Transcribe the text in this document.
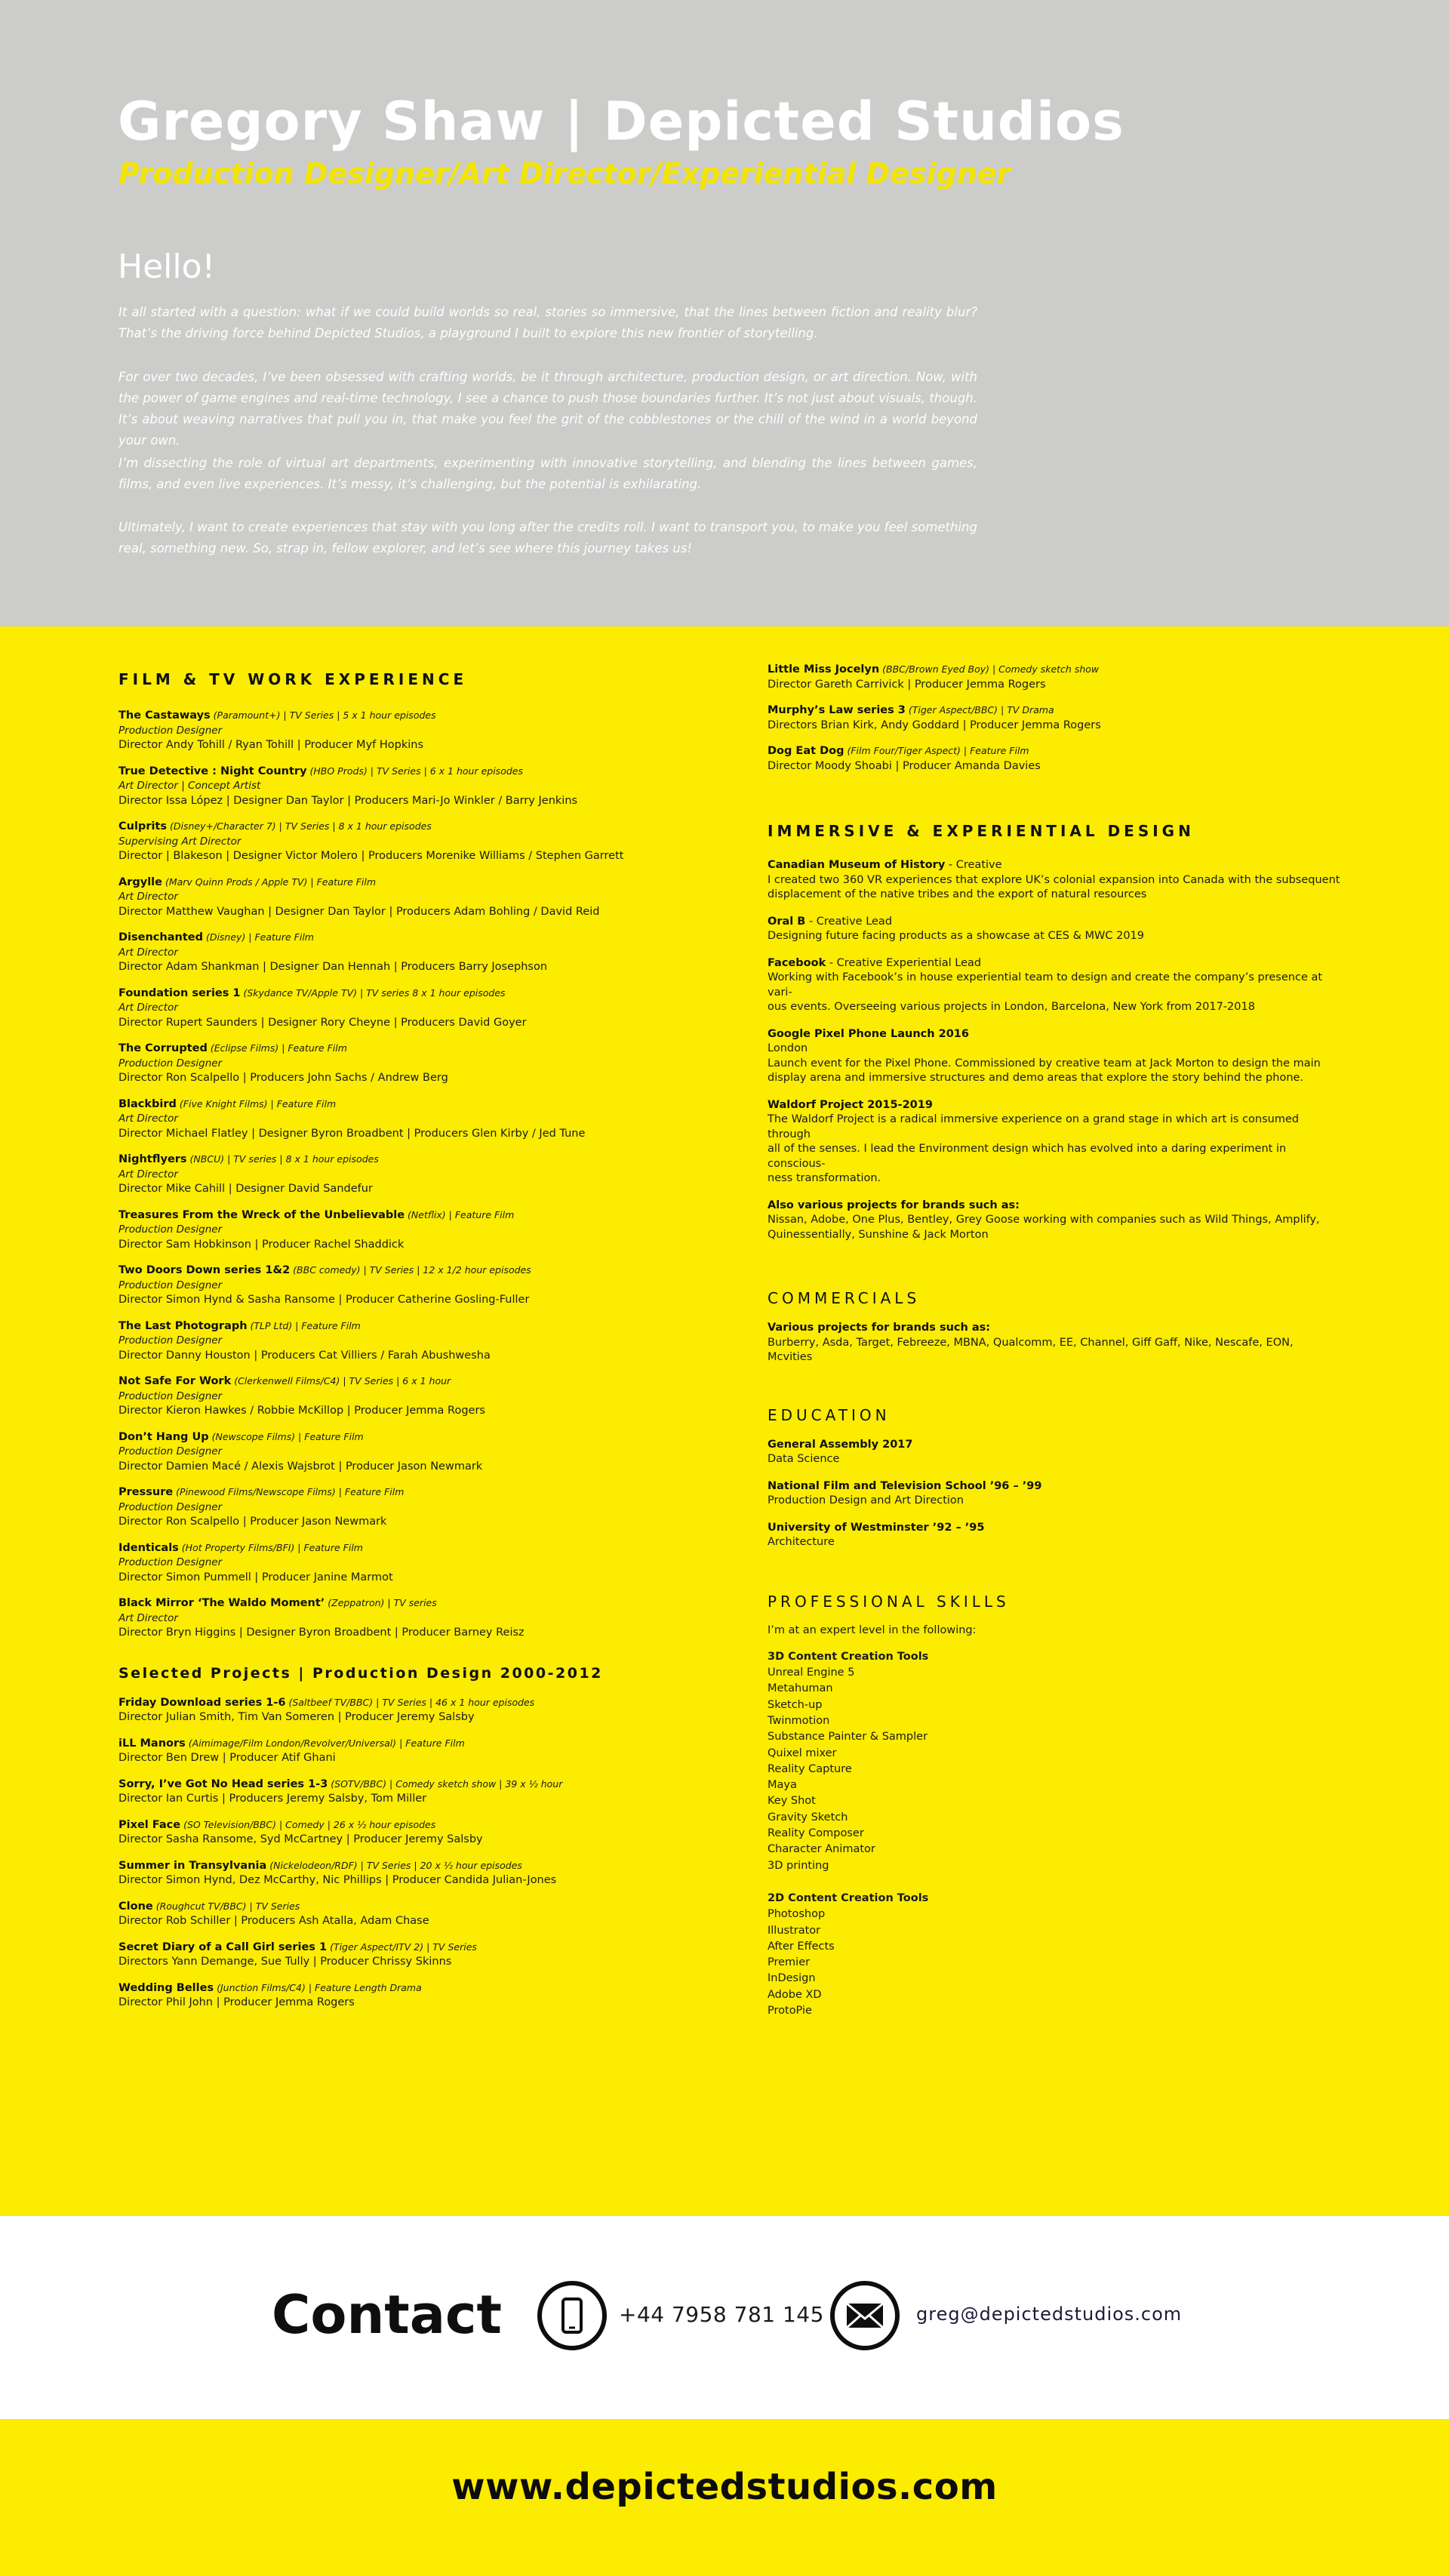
Gregory Shaw | Depicted Studios
Production Designer/Art Director/Experiential Designer
Hello!

It all started with a question: what if we could build worlds so real, stories so immersive, that the lines between fiction and reality blur? That’s the driving force behind Depicted Studios, a playground I built to explore this new frontier of storytelling.

For over two decades, I’ve been obsessed with crafting worlds, be it through architecture, production design, or art direction. Now, with the power of game engines and real-time technology, I see a chance to push those boundaries further. It’s not just about visuals, though. It’s about weaving narratives that pull you in, that make you feel the grit of the cobblestones or the chill of the wind in a world beyond your own.

I’m dissecting the role of virtual art departments, experimenting with innovative storytelling, and blending the lines between games, films, and even live experiences. It’s messy, it’s challenging, but the potential is exhilarating.

Ultimately, I want to create experiences that stay with you long after the credits roll. I want to transport you, to make you feel something real, something new. So, strap in, fellow explorer, and let’s see where this journey takes us!

FILM & TV WORK EXPERIENCE
The Castaways (Paramount+) | TV Series | 5 x 1 hour episodes
Production Designer
Director Andy Tohill / Ryan Tohill | Producer Myf Hopkins
True Detective : Night Country (HBO Prods) | TV Series | 6 x 1 hour episodes
Art Director | Concept Artist
Director Issa López | Designer Dan Taylor | Producers Mari-Jo Winkler / Barry Jenkins
Culprits (Disney+/Character 7) | TV Series | 8 x 1 hour episodes
Supervising Art Director
Director | Blakeson | Designer Victor Molero | Producers Morenike Williams / Stephen Garrett
Argylle (Marv Quinn Prods / Apple TV) | Feature Film
Art Director
Director Matthew Vaughan | Designer Dan Taylor | Producers Adam Bohling / David Reid
Disenchanted (Disney) | Feature Film
Art Director
Director Adam Shankman | Designer Dan Hennah | Producers Barry Josephson
Foundation series 1 (Skydance TV/Apple TV) | TV series 8 x 1 hour episodes
Art Director
Director Rupert Saunders | Designer Rory Cheyne | Producers David Goyer
The Corrupted (Eclipse Films) | Feature Film
Production Designer
Director Ron Scalpello | Producers John Sachs / Andrew Berg
Blackbird (Five Knight Films) | Feature Film
Art Director
Director Michael Flatley | Designer Byron Broadbent | Producers Glen Kirby / Jed Tune
Nightflyers (NBCU) | TV series | 8 x 1 hour episodes
Art Director
Director Mike Cahill | Designer David Sandefur
Treasures From the Wreck of the Unbelievable (Netflix) | Feature Film
Production Designer
Director Sam Hobkinson | Producer Rachel Shaddick
Two Doors Down series 1&2 (BBC comedy) | TV Series | 12 x 1/2 hour episodes
Production Designer
Director Simon Hynd & Sasha Ransome | Producer Catherine Gosling-Fuller
The Last Photograph (TLP Ltd) | Feature Film
Production Designer
Director Danny Houston | Producers Cat Villiers / Farah Abushwesha
Not Safe For Work (Clerkenwell Films/C4) | TV Series | 6 x 1 hour
Production Designer
Director Kieron Hawkes / Robbie McKillop | Producer Jemma Rogers
Don’t Hang Up (Newscope Films) | Feature Film
Production Designer
Director Damien Macé / Alexis Wajsbrot | Producer Jason Newmark
Pressure (Pinewood Films/Newscope Films) | Feature Film
Production Designer
Director Ron Scalpello | Producer Jason Newmark
Identicals (Hot Property Films/BFI) | Feature Film
Production Designer
Director Simon Pummell | Producer Janine Marmot
Black Mirror ‘The Waldo Moment’ (Zeppatron) | TV series
Art Director
Director Bryn Higgins | Designer Byron Broadbent | Producer Barney Reisz
Selected Projects | Production Design 2000-2012
Friday Download series 1-6 (Saltbeef TV/BBC) | TV Series | 46 x 1 hour episodes
Director Julian Smith, Tim Van Someren | Producer Jeremy Salsby
iLL Manors (Aimimage/Film London/Revolver/Universal) | Feature Film
Director Ben Drew | Producer Atif Ghani
Sorry, I’ve Got No Head series 1-3 (SOTV/BBC) | Comedy sketch show | 39 x ½ hour
Director Ian Curtis | Producers Jeremy Salsby, Tom Miller
Pixel Face (SO Television/BBC) | Comedy | 26 x ½ hour episodes
Director Sasha Ransome, Syd McCartney | Producer Jeremy Salsby
Summer in Transylvania (Nickelodeon/RDF) | TV Series | 20 x ½ hour episodes
Director Simon Hynd, Dez McCarthy, Nic Phillips | Producer Candida Julian-Jones
Clone (Roughcut TV/BBC) | TV Series
Director Rob Schiller | Producers Ash Atalla, Adam Chase
Secret Diary of a Call Girl series 1 (Tiger Aspect/ITV 2) | TV Series
Directors Yann Demange, Sue Tully | Producer Chrissy Skinns
Wedding Belles (Junction Films/C4) | Feature Length Drama
Director Phil John | Producer Jemma Rogers
Little Miss Jocelyn (BBC/Brown Eyed Boy) | Comedy sketch show
Director Gareth Carrivick | Producer Jemma Rogers
Murphy’s Law series 3 (Tiger Aspect/BBC) | TV Drama
Directors Brian Kirk, Andy Goddard | Producer Jemma Rogers
Dog Eat Dog (Film Four/Tiger Aspect) | Feature Film
Director Moody Shoabi | Producer Amanda Davies
IMMERSIVE & EXPERIENTIAL DESIGN
Canadian Museum of History - Creative
I created two 360 VR experiences that explore UK’s colonial expansion into Canada with the subsequent
displacement of the native tribes and the export of natural resources
Oral B - Creative Lead
Designing future facing products as a showcase at CES & MWC 2019
Facebook - Creative Experiential Lead
Working with Facebook’s in house experiential team to design and create the company’s presence at vari-
ous events. Overseeing various projects in London, Barcelona, New York from 2017-2018
Google Pixel Phone Launch 2016
London
Launch event for the Pixel Phone. Commissioned by creative team at Jack Morton to design the main
display arena and immersive structures and demo areas that explore the story behind the phone.
Waldorf Project 2015-2019
The Waldorf Project is a radical immersive experience on a grand stage in which art is consumed through
all of the senses. I lead the Environment design which has evolved into a daring experiment in conscious-
ness transformation.
Also various projects for brands such as:
Nissan, Adobe, One Plus, Bentley, Grey Goose working with companies such as Wild Things, Amplify,
Quinessentially, Sunshine & Jack Morton
COMMERCIALS
Various projects for brands such as:
Burberry, Asda, Target, Febreeze, MBNA, Qualcomm, EE, Channel, Giff Gaff, Nike, Nescafe, EON, Mcvities
EDUCATION
General Assembly 2017
Data Science
National Film and Television School ’96 – ’99
Production Design and Art Direction
University of Westminster ’92 – ’95
Architecture
PROFESSIONAL SKILLS
I’m at an expert level in the following:
3D Content Creation Tools
Unreal Engine 5
Metahuman
Sketch-up
Twinmotion
Substance Painter & Sampler
Quixel mixer
Reality Capture
Maya
Key Shot
Gravity Sketch
Reality Composer
Character Animator
3D printing
2D Content Creation Tools
Photoshop
Illustrator
After Effects
Premier
InDesign
Adobe XD
ProtoPie
Contact	+44 7958 781 145	greg@depictedstudios.com
www.depictedstudios.com
